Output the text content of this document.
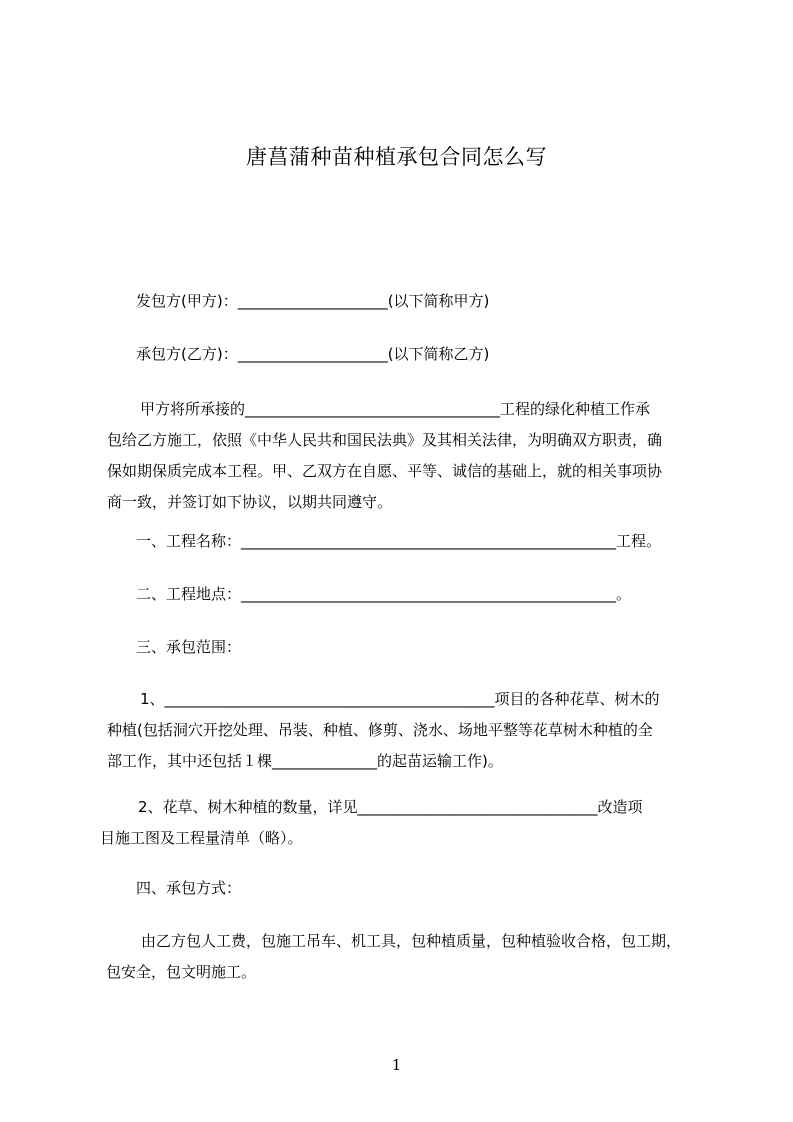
唐菖蒲种苗种植承包合同怎么写
发包方(甲方)：____________________(以下简称甲方)
承包方(乙方)：____________________(以下简称乙方)
甲方将所承接的__________________________________工程的绿化种植工作承
包给乙方施工，依照《中华人民共和国民法典》及其相关法律，为明确双方职责，确
保如期保质完成本工程。甲、乙双方在自愿、平等、诚信的基础上，就的相关事项协
商一致，并签订如下协议，以期共同遵守。
一、工程名称：__________________________________________________工程。
二、工程地点：__________________________________________________。
三、承包范围：
1、____________________________________________项目的各种花草、树木的
种植(包括洞穴开挖处理、吊装、种植、修剪、浇水、场地平整等花草树木种植的全
部工作，其中还包括１棵______________的起苗运输工作)。
2、花草、树木种植的数量，详见________________________________改造项
目施工图及工程量清单（略）。
四、承包方式：
由乙方包人工费，包施工吊车、机工具，包种植质量，包种植验收合格，包工期，
包安全，包文明施工。
1
